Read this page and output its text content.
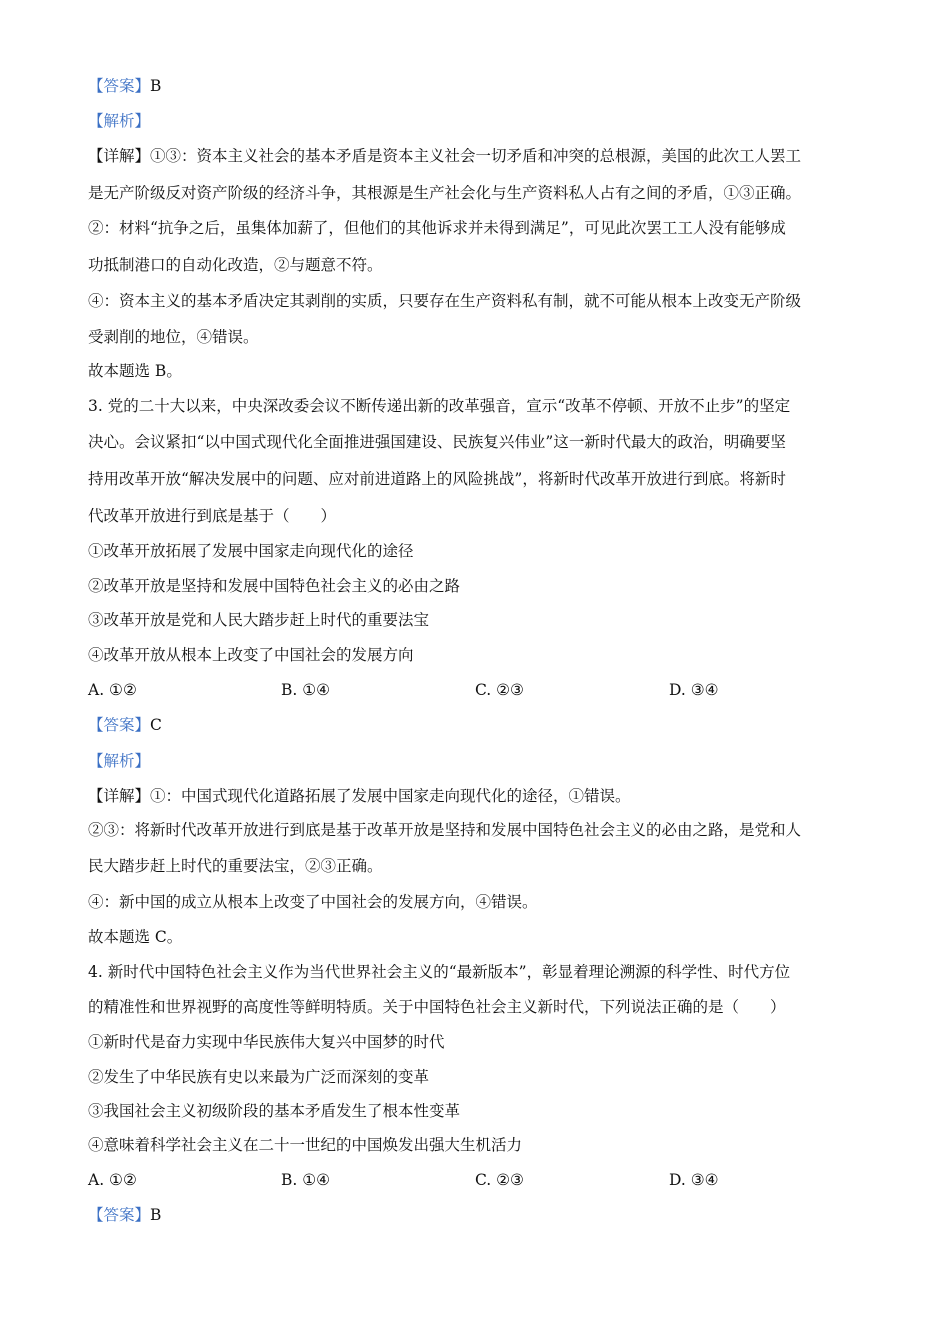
【答案】B
【解析】
【详解】①③：资本主义社会的基本矛盾是资本主义社会一切矛盾和冲突的总根源，美国的此次工人罢工
是无产阶级反对资产阶级的经济斗争，其根源是生产社会化与生产资料私人占有之间的矛盾，①③正确。
②：材料“抗争之后，虽集体加薪了，但他们的其他诉求并未得到满足”，可见此次罢工工人没有能够成
功抵制港口的自动化改造，②与题意不符。
④：资本主义的基本矛盾决定其剥削的实质，只要存在生产资料私有制，就不可能从根本上改变无产阶级
受剥削的地位，④错误。
故本题选 B。
3. 党的二十大以来，中央深改委会议不断传递出新的改革强音，宣示“改革不停顿、开放不止步”的坚定
决心。会议紧扣“以中国式现代化全面推进强国建设、民族复兴伟业”这一新时代最大的政治，明确要坚
持用改革开放“解决发展中的问题、应对前进道路上的风险挑战”，将新时代改革开放进行到底。将新时
代改革开放进行到底是基于（　　）
①改革开放拓展了发展中国家走向现代化的途径
②改革开放是坚持和发展中国特色社会主义的必由之路
③改革开放是党和人民大踏步赶上时代的重要法宝
④改革开放从根本上改变了中国社会的发展方向
A. ①②	B. ①④	C. ②③	D. ③④
【答案】C
【解析】
【详解】①：中国式现代化道路拓展了发展中国家走向现代化的途径，①错误。
②③：将新时代改革开放进行到底是基于改革开放是坚持和发展中国特色社会主义的必由之路，是党和人
民大踏步赶上时代的重要法宝，②③正确。
④：新中国的成立从根本上改变了中国社会的发展方向，④错误。
故本题选 C。
4. 新时代中国特色社会主义作为当代世界社会主义的“最新版本”，彰显着理论溯源的科学性、时代方位
的精准性和世界视野的高度性等鲜明特质。关于中国特色社会主义新时代，下列说法正确的是（　　）
①新时代是奋力实现中华民族伟大复兴中国梦的时代
②发生了中华民族有史以来最为广泛而深刻的变革
③我国社会主义初级阶段的基本矛盾发生了根本性变革
④意味着科学社会主义在二十一世纪的中国焕发出强大生机活力
A. ①②	B. ①④	C. ②③	D. ③④
【答案】B
